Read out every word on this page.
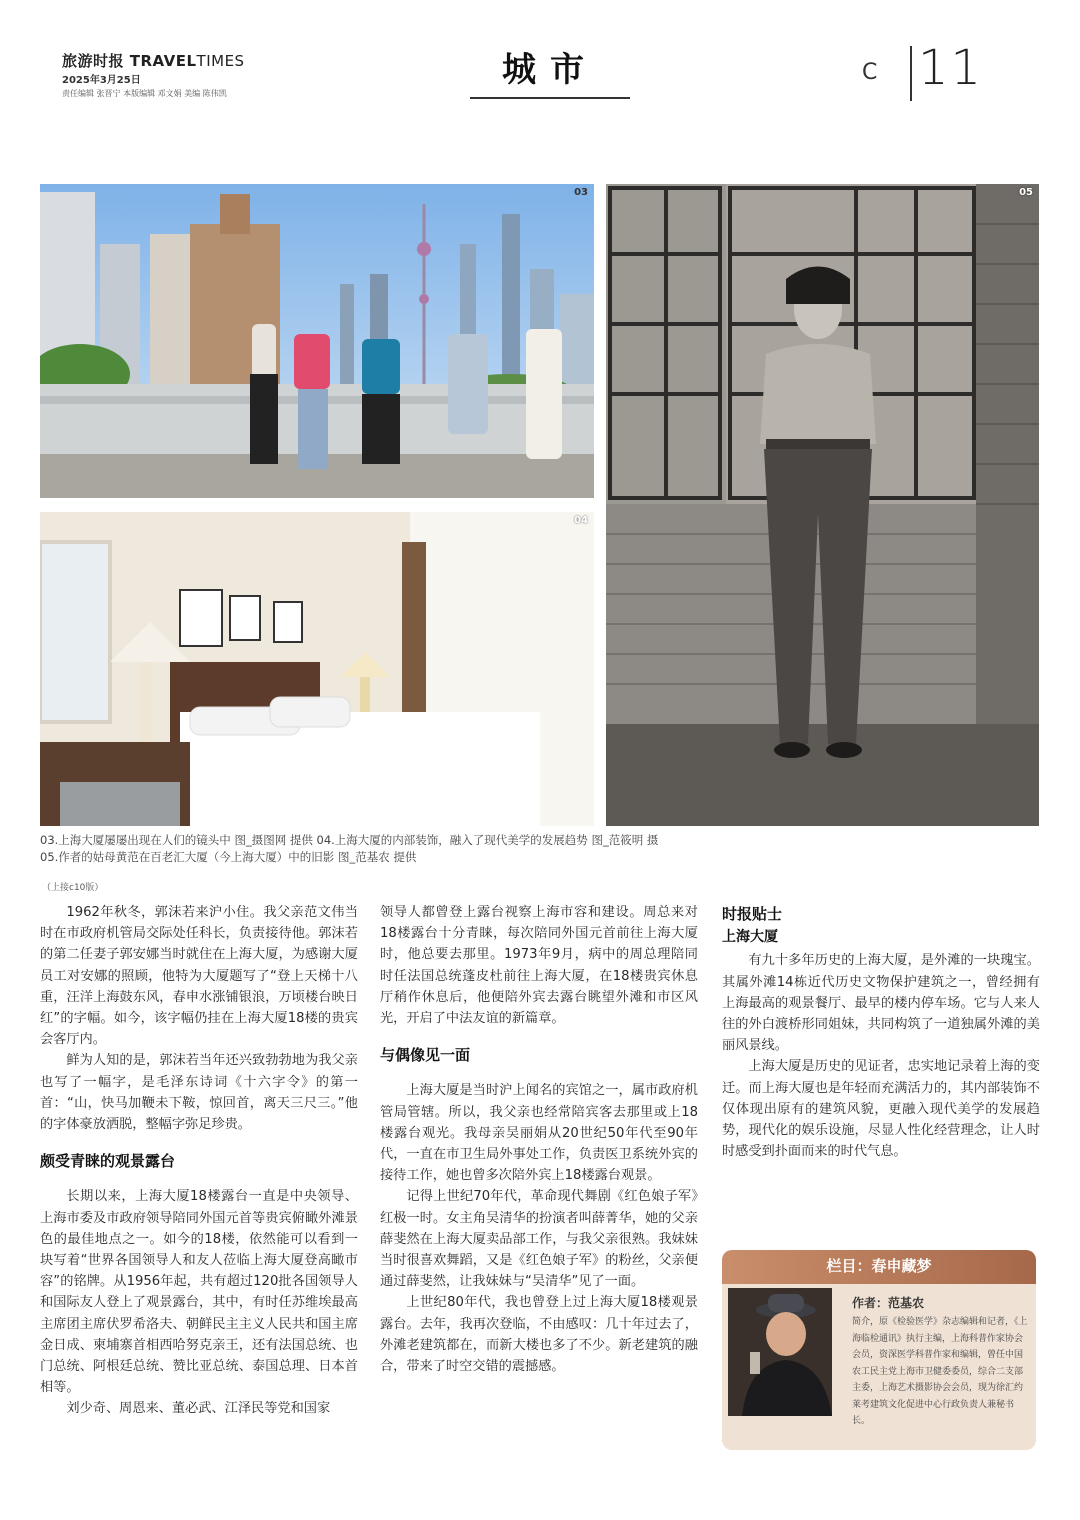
旅游时报 TRAVELTIMES
2025年3月25日
责任编辑 张晋宁 本版编辑 邓文娟 美编 陈伟凯
城市	C 11
03
04
05
03.上海大厦屡屡出现在人们的镜头中 图_摄图网 提供 04.上海大厦的内部装饰，融入了现代美学的发展趋势 图_范筱明 摄
05.作者的姑母黄范在百老汇大厦（今上海大厦）中的旧影 图_范基农 提供
（上接c10版）

1962年秋冬，郭沫若来沪小住。我父亲范文伟当时在市政府机管局交际处任科长，负责接待他。郭沫若的第二任妻子郭安娜当时就住在上海大厦，为感谢大厦员工对安娜的照顾，他特为大厦题写了“登上天梯十八重，汪洋上海鼓东风，春申水涨铺银浪，万顷楼台映日红”的字幅。如今，该字幅仍挂在上海大厦18楼的贵宾会客厅内。

鲜为人知的是，郭沫若当年还兴致勃勃地为我父亲也写了一幅字，是毛泽东诗词《十六字令》的第一首：“山，快马加鞭未下鞍，惊回首，离天三尺三。”他的字体豪放洒脱，整幅字弥足珍贵。

颇受青睐的观景露台

长期以来，上海大厦18楼露台一直是中央领导、上海市委及市政府领导陪同外国元首等贵宾俯瞰外滩景色的最佳地点之一。如今的18楼，依然能可以看到一块写着“世界各国领导人和友人莅临上海大厦登高瞰市容”的铭牌。从1956年起，共有超过120批各国领导人和国际友人登上了观景露台，其中，有时任苏维埃最高主席团主席伏罗希洛夫、朝鲜民主主义人民共和国主席金日成、柬埔寨首相西哈努克亲王，还有法国总统、也门总统、阿根廷总统、赞比亚总统、泰国总理、日本首相等。

刘少奇、周恩来、董必武、江泽民等党和国家

领导人都曾登上露台视察上海市容和建设。周总来对18楼露台十分青睐，每次陪同外国元首前往上海大厦时，他总要去那里。1973年9月，病中的周总理陪同时任法国总统蓬皮杜前往上海大厦，在18楼贵宾休息厅稍作休息后，他便陪外宾去露台眺望外滩和市区风光，开启了中法友谊的新篇章。

与偶像见一面

上海大厦是当时沪上闻名的宾馆之一，属市政府机管局管辖。所以，我父亲也经常陪宾客去那里或上18楼露台观光。我母亲吴丽娟从20世纪50年代至90年代，一直在市卫生局外事处工作，负责医卫系统外宾的接待工作，她也曾多次陪外宾上18楼露台观景。

记得上世纪70年代，革命现代舞剧《红色娘子军》红极一时。女主角吴清华的扮演者叫薛菁华，她的父亲薛斐然在上海大厦卖品部工作，与我父亲很熟。我妹妹当时很喜欢舞蹈，又是《红色娘子军》的粉丝，父亲便通过薛斐然，让我妹妹与“吴清华”见了一面。

上世纪80年代，我也曾登上过上海大厦18楼观景露台。去年，我再次登临，不由感叹：几十年过去了，外滩老建筑都在，而新大楼也多了不少。新老建筑的融合，带来了时空交错的震撼感。

时报贴士
上海大厦

有九十多年历史的上海大厦，是外滩的一块瑰宝。其属外滩14栋近代历史文物保护建筑之一，曾经拥有上海最高的观景餐厅、最早的楼内停车场。它与人来人往的外白渡桥形同姐妹，共同构筑了一道独属外滩的美丽风景线。

上海大厦是历史的见证者，忠实地记录着上海的变迁。而上海大厦也是年轻而充满活力的，其内部装饰不仅体现出原有的建筑风貌，更融入现代美学的发展趋势，现代化的娱乐设施，尽显人性化经营理念，让人时时感受到扑面而来的时代气息。

栏目：春申藏梦
作者：范基农
简介，原《检验医学》杂志编辑和记者，《上海临检通讯》执行主编，上海科普作家协会会员，资深医学科普作家和编辑，曾任中国农工民主党上海市卫健委委员，综合二支部主委，上海艺术摄影协会会员，现为徐汇约莱考建筑文化促进中心行政负责人兼秘书长。
